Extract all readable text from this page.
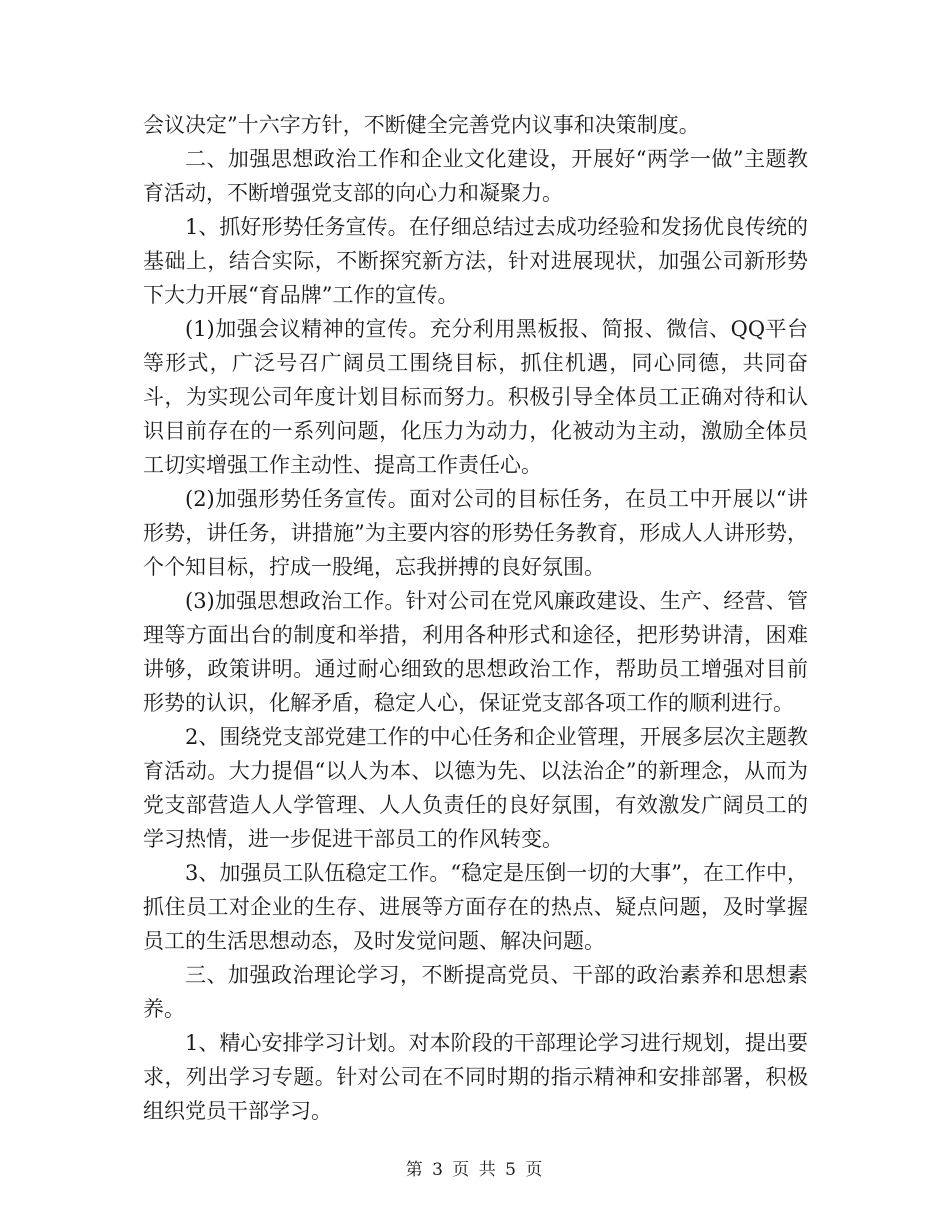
会议决定”十六字方针，不断健全完善党内议事和决策制度。

二、加强思想政治工作和企业文化建设，开展好“两学一做”主题教育活动，不断增强党支部的向心力和凝聚力。

1、抓好形势任务宣传。在仔细总结过去成功经验和发扬优良传统的基础上，结合实际，不断探究新方法，针对进展现状，加强公司新形势下大力开展“育品牌”工作的宣传。

(1)加强会议精神的宣传。充分利用黑板报、简报、微信、QQ平台等形式，广泛号召广阔员工围绕目标，抓住机遇，同心同德，共同奋斗，为实现公司年度计划目标而努力。积极引导全体员工正确对待和认识目前存在的一系列问题，化压力为动力，化被动为主动，激励全体员工切实增强工作主动性、提高工作责任心。

(2)加强形势任务宣传。面对公司的目标任务，在员工中开展以“讲形势，讲任务，讲措施”为主要内容的形势任务教育，形成人人讲形势，个个知目标，拧成一股绳，忘我拼搏的良好氛围。

(3)加强思想政治工作。针对公司在党风廉政建设、生产、经营、管理等方面出台的制度和举措，利用各种形式和途径，把形势讲清，困难讲够，政策讲明。通过耐心细致的思想政治工作，帮助员工增强对目前形势的认识，化解矛盾，稳定人心，保证党支部各项工作的顺利进行。

2、围绕党支部党建工作的中心任务和企业管理，开展多层次主题教育活动。大力提倡“以人为本、以德为先、以法治企”的新理念，从而为党支部营造人人学管理、人人负责任的良好氛围，有效激发广阔员工的学习热情，进一步促进干部员工的作风转变。

3、加强员工队伍稳定工作。“稳定是压倒一切的大事”，在工作中，抓住员工对企业的生存、进展等方面存在的热点、疑点问题，及时掌握员工的生活思想动态，及时发觉问题、解决问题。

三、加强政治理论学习，不断提高党员、干部的政治素养和思想素养。

1、精心安排学习计划。对本阶段的干部理论学习进行规划，提出要求，列出学习专题。针对公司在不同时期的指示精神和安排部署，积极组织党员干部学习。

第 3 页 共 5 页
